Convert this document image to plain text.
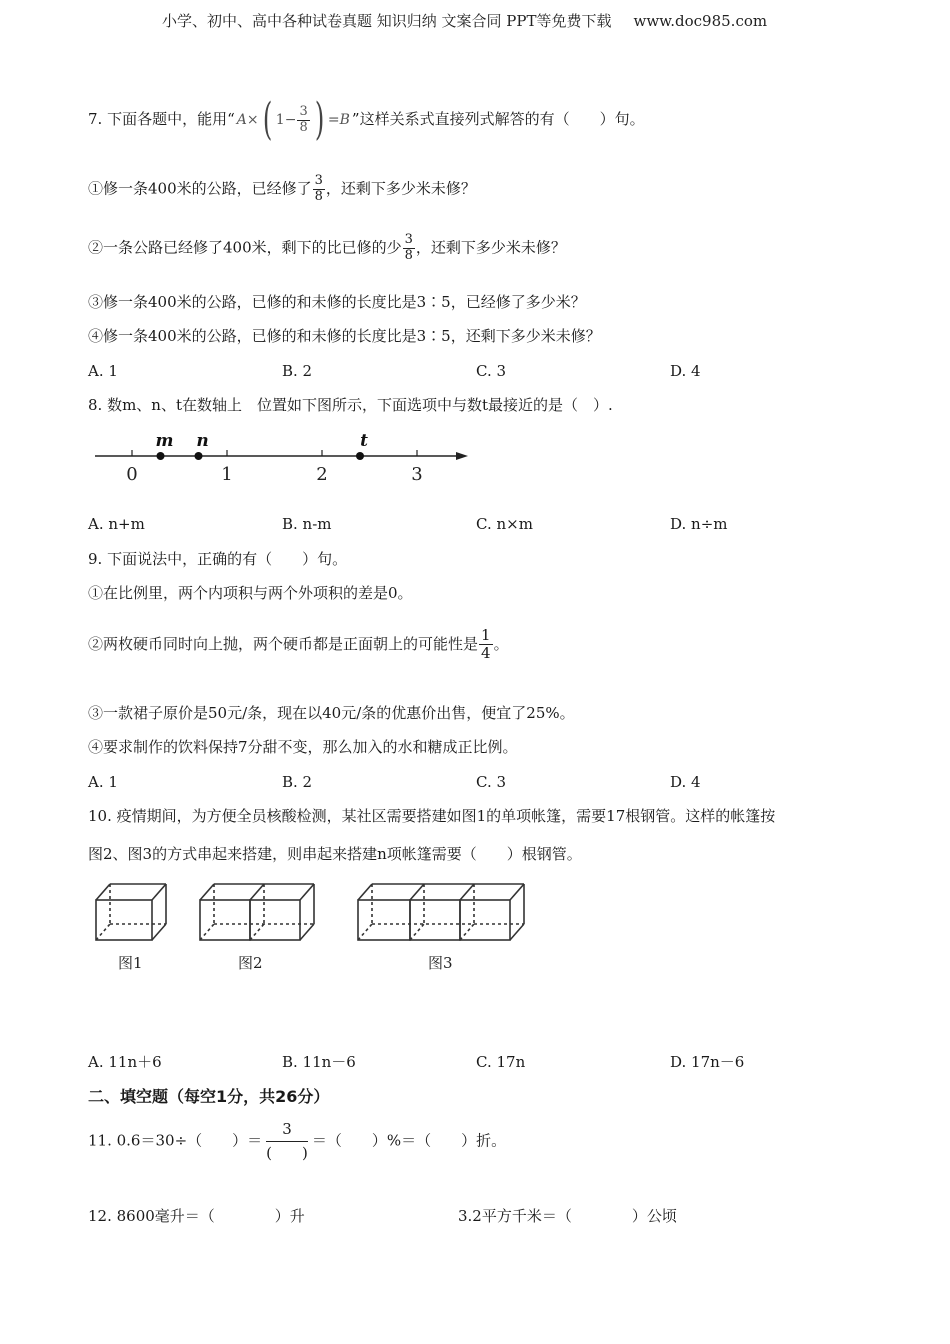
小学、初中、高中各种试卷真题 知识归纳 文案合同 PPT等免费下载 www.doc985.com
7. 下面各题中，能用“ A × ( $1 - \frac{3}{8}$ ) = B ”这样关系式直接列式解答的有（　　）句。
①修一条400米的公路，已经修了 $\frac{3}{8}$ ，还剩下多少米未修？
②一条公路已经修了400米，剩下的比已修的少 $\frac{3}{8}$ ，还剩下多少米未修？
③修一条400米的公路，已修的和未修的长度比是3∶5，已经修了多少米？
④修一条400米的公路，已修的和未修的长度比是3∶5，还剩下多少米未修？
A. 1	B. 2	C. 3	D. 4
8. 数m、n、t在数轴上　位置如下图所示，下面选项中与数t最接近的是（　）.
0	1	2	3
m n	t
A. n+m	B. n-m	C. n×m	D. n÷m
9. 下面说法中，正确的有（　　）句。
①在比例里，两个内项积与两个外项积的差是0。
②两枚硬币同时向上抛，两个硬币都是正面朝上的可能性是 $\frac{1}{4}$ 。
③一款裙子原价是50元/条，现在以40元/条的优惠价出售，便宜了25%。
④要求制作的饮料保持7分甜不变，那么加入的水和糖成正比例。
A. 1	B. 2	C. 3	D. 4
10. 疫情期间，为方便全员核酸检测，某社区需要搭建如图1的单项帐篷，需要17根钢管。这样的帐篷按
图2、图3的方式串起来搭建，则串起来搭建n项帐篷需要（　　）根钢管。
图1	图2	图3
A. 11n＋6	B. 11n－6	C. 17n	D. 17n－6
二、填空题（每空1分，共26分）
11. 0.6＝30÷（　　）＝
3
(　　)
＝（　　）%＝（　　）折。
12. 8600毫升＝（　　　　）升	3.2平方千米＝（　　　　）公顷
